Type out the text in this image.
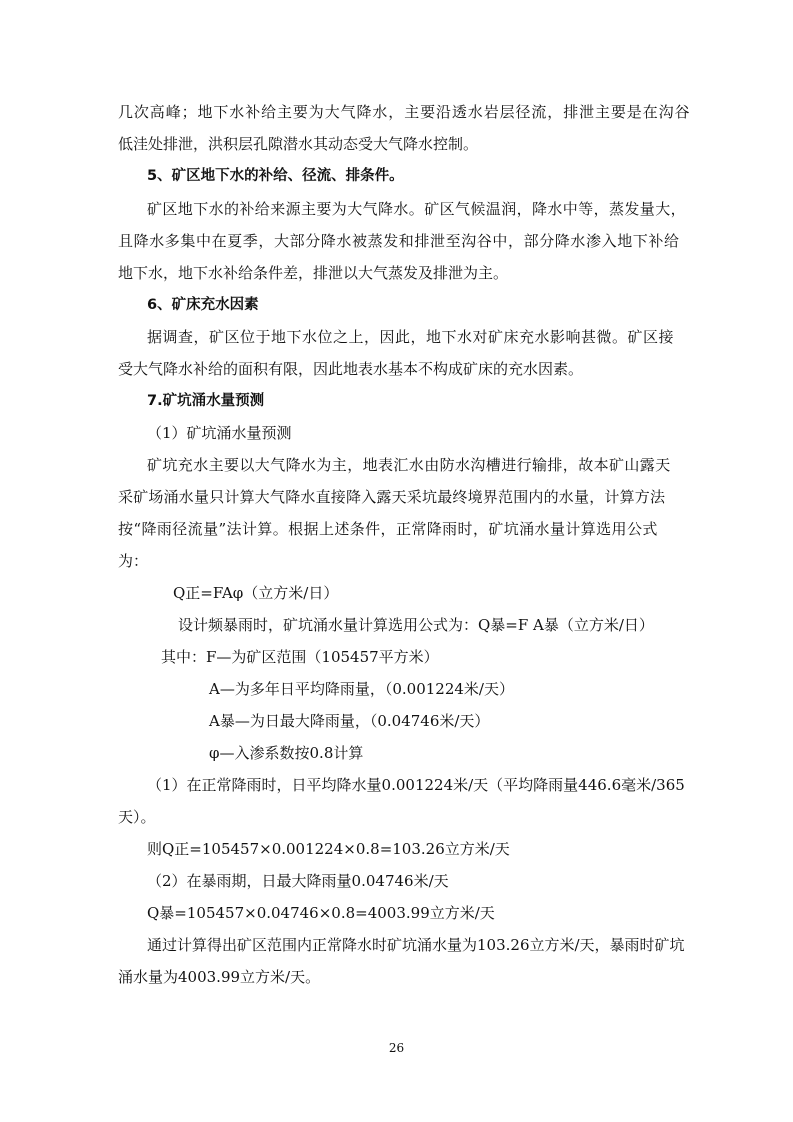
几次高峰；地下水补给主要为大气降水，主要沿透水岩层径流，排泄主要是在沟谷
低洼处排泄，洪积层孔隙潜水其动态受大气降水控制。
5、矿区地下水的补给、径流、排条件。
矿区地下水的补给来源主要为大气降水。矿区气候温润，降水中等，蒸发量大，
且降水多集中在夏季，大部分降水被蒸发和排泄至沟谷中，部分降水渗入地下补给
地下水，地下水补给条件差，排泄以大气蒸发及排泄为主。
6、矿床充水因素
据调查，矿区位于地下水位之上，因此，地下水对矿床充水影响甚微。矿区接
受大气降水补给的面积有限，因此地表水基本不构成矿床的充水因素。
7.矿坑涌水量预测
（1）矿坑涌水量预测
矿坑充水主要以大气降水为主，地表汇水由防水沟槽进行输排，故本矿山露天
采矿场涌水量只计算大气降水直接降入露天采坑最终境界范围内的水量，计算方法
按“降雨径流量”法计算。根据上述条件，正常降雨时，矿坑涌水量计算选用公式
为：
Q正=FAφ（立方米/日）
设计频暴雨时，矿坑涌水量计算选用公式为：Q暴=F A暴（立方米/日）
其中：F—为矿区范围（105457平方米）
A—为多年日平均降雨量，（0.001224米/天）
A暴—为日最大降雨量，（0.04746米/天）
φ—入渗系数按0.8计算
（1）在正常降雨时，日平均降水量0.001224米/天（平均降雨量446.6毫米/365
天）。
则Q正=105457×0.001224×0.8=103.26立方米/天
（2）在暴雨期，日最大降雨量0.04746米/天
Q暴=105457×0.04746×0.8=4003.99立方米/天
通过计算得出矿区范围内正常降水时矿坑涌水量为103.26立方米/天，暴雨时矿坑
涌水量为4003.99立方米/天。
26
